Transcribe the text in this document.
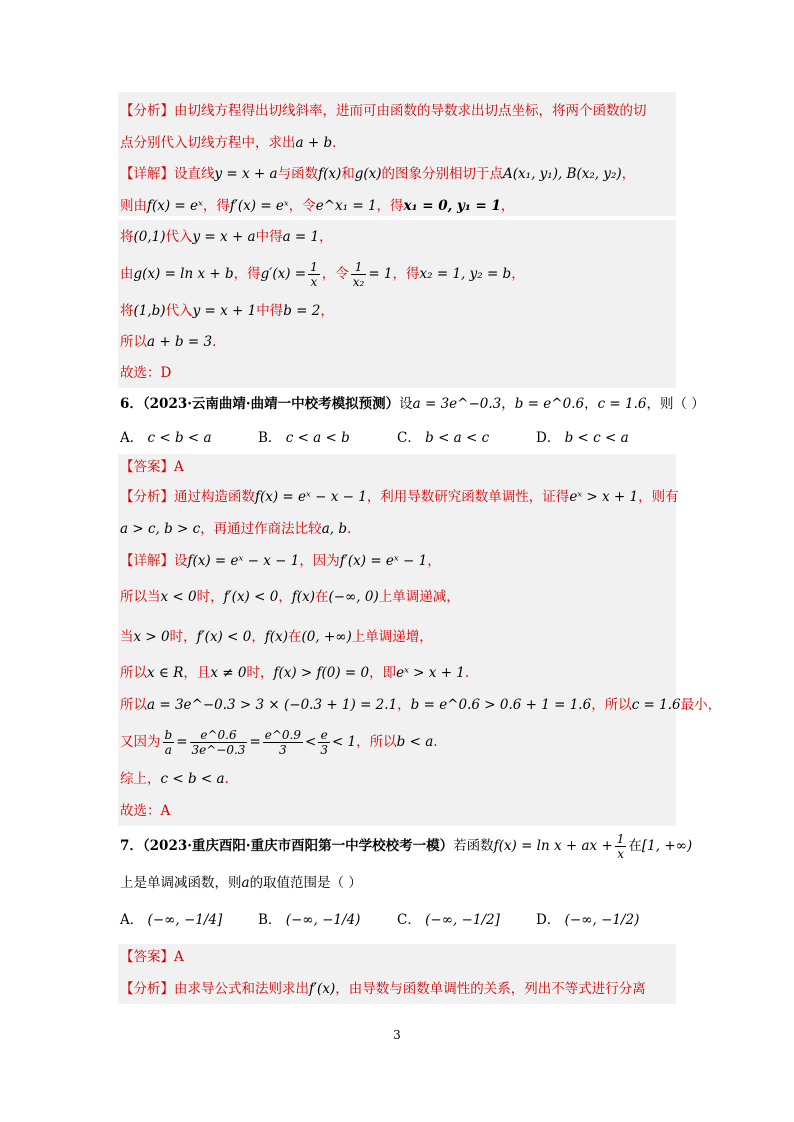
【分析】由切线方程得出切线斜率，进而可由函数的导数求出切点坐标，将两个函数的切
点分别代入切线方程中，求出a + b．
【详解】设直线y = x + a与函数f(x)和g(x)的图象分别相切于点A(x₁, y₁), B(x₂, y₂)，
则由f(x) = eˣ，得f′(x) = eˣ，令e^x₁ = 1，得x₁ = 0, y₁ = 1，
将(0,1)代入y = x + a中得a = 1，
由g(x) = ln x + b，得$g'(x) = \frac{1}{x}$ ，令 $\frac{1}{\text{x₂}} = 1$，得x₂ = 1, y₂ = b，
将(1,b)代入y = x + 1中得b = 2，
所以a + b = 3．
故选：D
6．（2023·云南曲靖·曲靖一中校考模拟预测）设a = 3e^−0.3，b = e^0.6，c = 1.6，则（ ）
A． c < b < a	B． c < a < b	C． b < a < c	D． b < c < a
【答案】A
【分析】通过构造函数f(x) = eˣ − x − 1，利用导数研究函数单调性，证得eˣ > x + 1，则有
a > c, b > c，再通过作商法比较a, b.
【详解】设f(x) = eˣ − x − 1，因为f′(x) = eˣ − 1，
所以当x < 0时，f′(x) < 0，f(x)在(−∞, 0)上单调递减，
当x > 0时，f′(x) < 0，f(x)在(0, +∞)上单调递增，
所以x ∈ R，且x ≠ 0时，f(x) > f(0) = 0，即eˣ > x + 1.
所以a = 3e^−0.3 > 3 × (−0.3 + 1) = 2.1，b = e^0.6 > 0.6 + 1 = 1.6，所以c = 1.6最小，
又因为 $\frac{b}{a} = \frac{e\^{}0.6}{3e\^{}-0.3} = \frac{e\^{}0.9}{3} < \frac{e}{3} < 1$，所以b < a.
综上，c < b < a.
故选：A
7．（2023·重庆酉阳·重庆市酉阳第一中学校校考一模）若函数f(x) = ln x + ax + $\frac{1}{x}$ 在[1, +∞)
上是单调减函数，则a的取值范围是（ ）
A． (−∞, −1/4]	B． (−∞, −1/4)	C． (−∞, −1/2]	D． (−∞, −1/2)
【答案】A
【分析】由求导公式和法则求出f′(x)，由导数与函数单调性的关系，列出不等式进行分离
3
